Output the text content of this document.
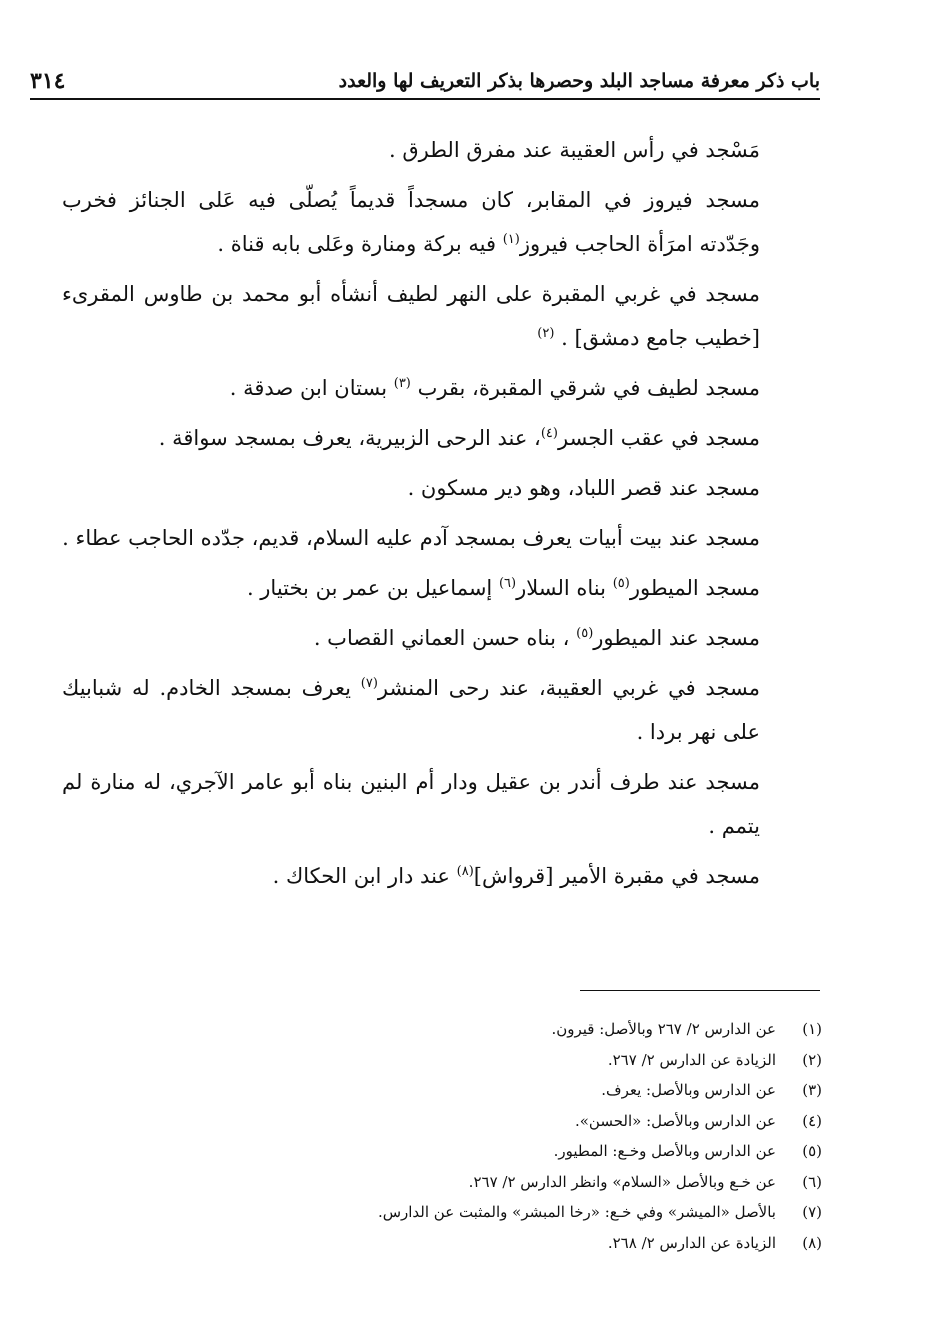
باب ذكر معرفة مساجد البلد وحصرها بذكر التعريف لها والعدد
٣١٤

مَسْجد في رأس العقيبة عند مفرق الطرق .

مسجد فيروز في المقابر، كان مسجداً قديماً يُصلّى فيه عَلى الجنائز فخرب وجَدّدته امرَأة الحاجب فيروز$^{(١)}$ فيه بركة ومنارة وعَلى بابه قناة .

مسجد في غربي المقبرة على النهر لطيف أنشأه أبو محمد بن طاوس المقرىء [خطيب جامع دمشق] . $^{(٢)}$

مسجد لطيف في شرقي المقبرة، بقرب $^{(٣)}$ بستان ابن صدقة .

مسجد في عقب الجسر$^{(٤)}$، عند الرحى الزبيرية، يعرف بمسجد سواقة .

مسجد عند قصر اللباد، وهو دير مسكون .

مسجد عند بيت أبيات يعرف بمسجد آدم عليه السلام، قديم، جدّده الحاجب عطاء .

مسجد الميطور$^{(٥)}$ بناه السلار$^{(٦)}$ إسماعيل بن عمر بن بختيار .

مسجد عند الميطور$^{(٥)}$ ، بناه حسن العماني القصاب .

مسجد في غربي العقيبة، عند رحى المنشر$^{(٧)}$ يعرف بمسجد الخادم. له شبابيك على نهر بردا .

مسجد عند طرف أندر بن عقيل ودار أم البنين بناه أبو عامر الآجري، له منارة لم يتمم .

مسجد في مقبرة الأمير [قرواش]$^{(٨)}$ عند دار ابن الحكاك .

(١)
عن الدارس ٢/ ٢٦٧ وبالأصل: قيرون.
(٢)
الزيادة عن الدارس ٢/ ٢٦٧.
(٣)
عن الدارس وبالأصل: يعرف.
(٤)
عن الدارس وبالأصل: «الحسن».
(٥)
عن الدارس وبالأصل وخـع: المطيور.
(٦)
عن خـع وبالأصل «السلام» وانظر الدارس ٢/ ٢٦٧.
(٧)
بالأصل «الميشر» وفي خـع: «رخا المبشر» والمثبت عن الدارس.
(٨)
الزيادة عن الدارس ٢/ ٢٦٨.
